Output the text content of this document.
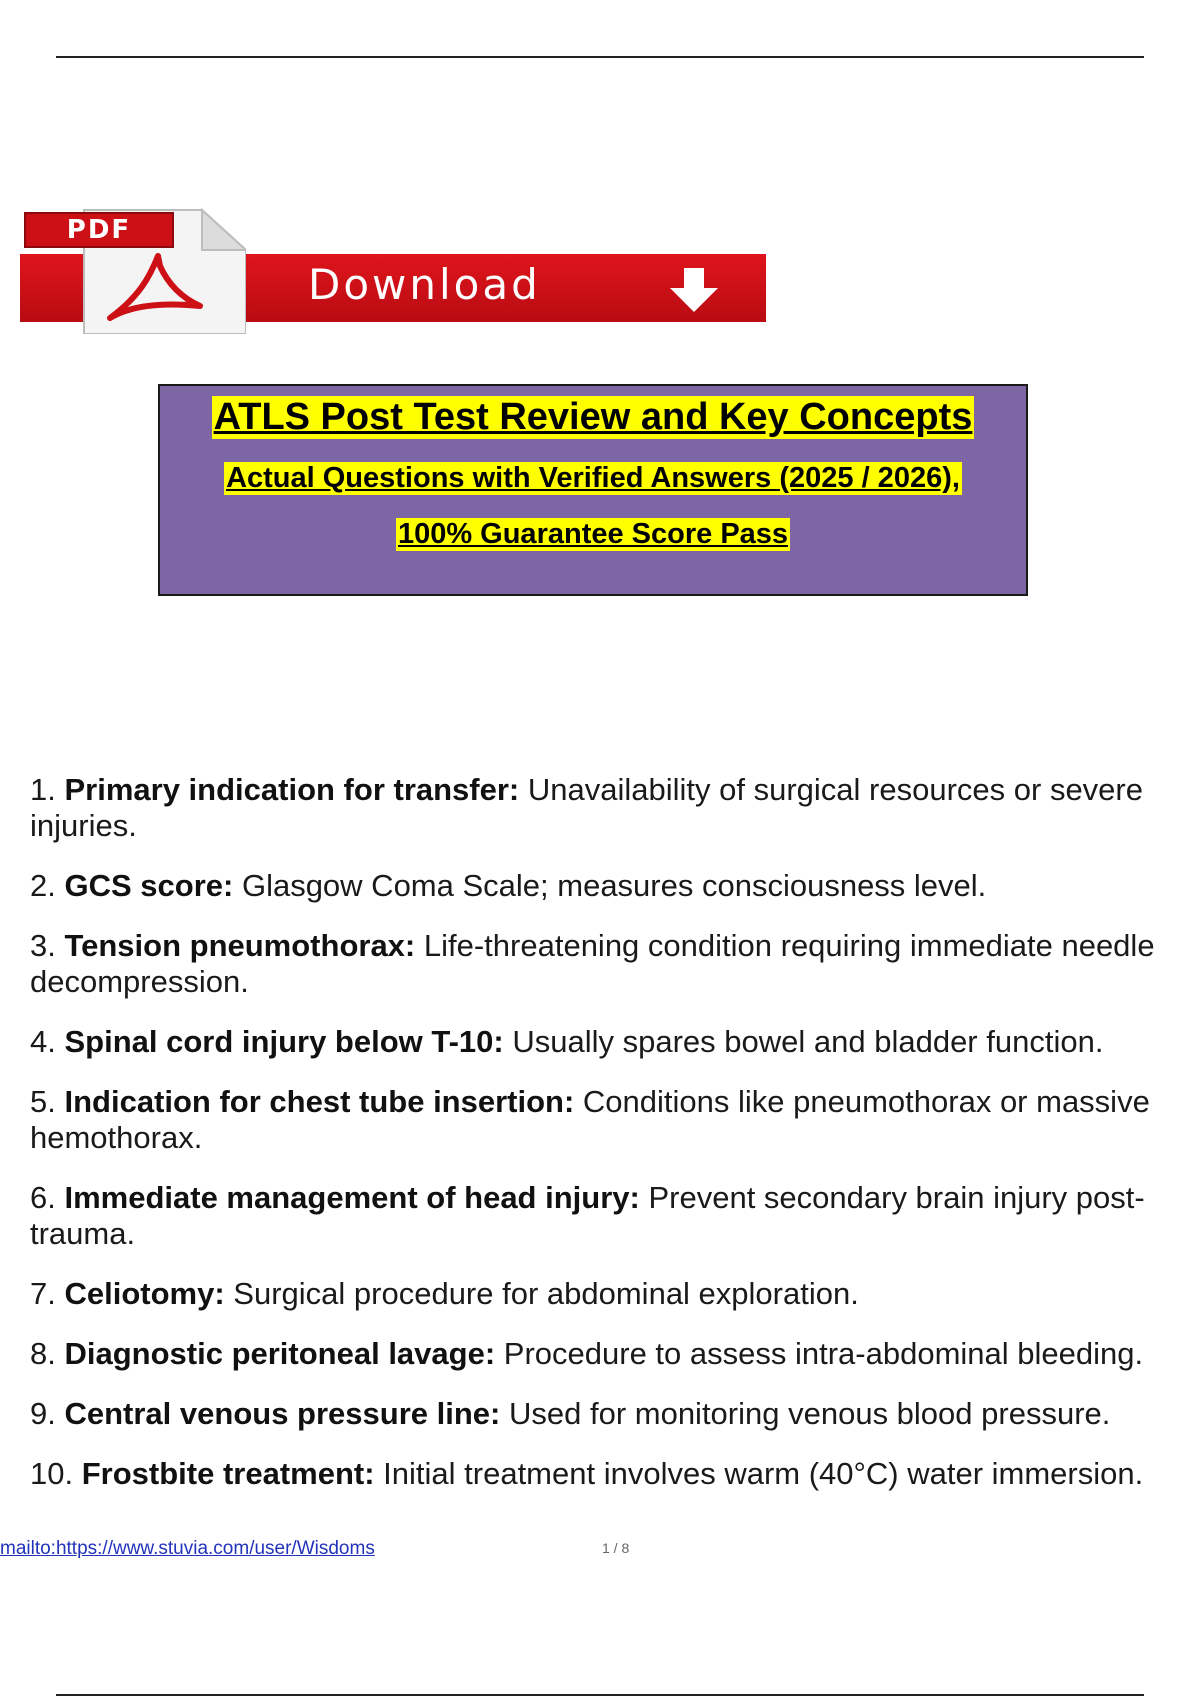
Download
PDF
ATLS Post Test Review and Key Concepts
Actual Questions with Verified Answers (2025 / 2026),
100% Guarantee Score Pass
1. Primary indication for transfer: Unavailability of surgical resources or severe injuries.
2. GCS score: Glasgow Coma Scale; measures consciousness level.
3. Tension pneumothorax: Life-threatening condition requiring immediate needle decompression.
4. Spinal cord injury below T-10: Usually spares bowel and bladder function.
5. Indication for chest tube insertion: Conditions like pneumothorax or massive hemothorax.
6. Immediate management of head injury: Prevent secondary brain injury post-trauma.
7. Celiotomy: Surgical procedure for abdominal exploration.
8. Diagnostic peritoneal lavage: Procedure to assess intra-abdominal bleeding.
9. Central venous pressure line: Used for monitoring venous blood pressure.
10. Frostbite treatment: Initial treatment involves warm (40°C) water immersion.
mailto:https://www.stuvia.com/user/Wisdoms	1 / 8
